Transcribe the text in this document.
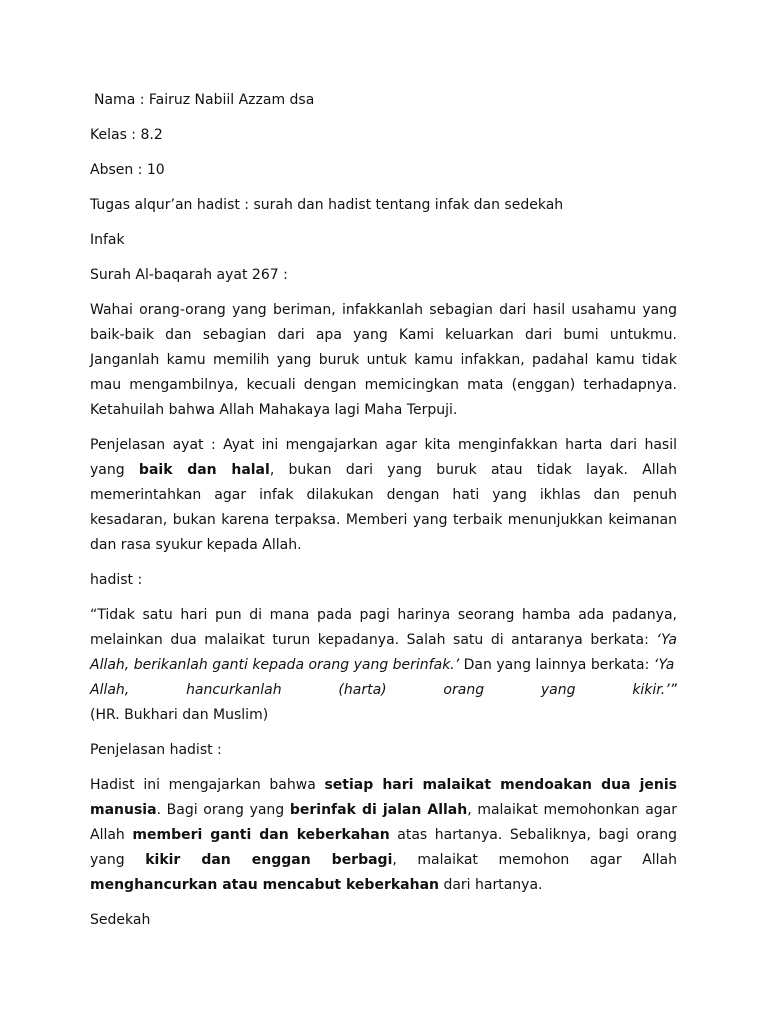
Nama : Fairuz Nabiil Azzam dsa
Kelas : 8.2
Absen : 10
Tugas alqur’an hadist : surah dan hadist tentang infak dan sedekah
Infak
Surah Al-baqarah ayat 267 :
Wahai orang-orang yang beriman, infakkanlah sebagian dari hasil usahamu yang baik-baik dan sebagian dari apa yang Kami keluarkan dari bumi untukmu. Janganlah kamu memilih yang buruk untuk kamu infakkan, padahal kamu tidak mau mengambilnya, kecuali dengan memicingkan mata (enggan) terhadapnya. Ketahuilah bahwa Allah Mahakaya lagi Maha Terpuji.
Penjelasan ayat : Ayat ini mengajarkan agar kita menginfakkan harta dari hasil yang baik dan halal, bukan dari yang buruk atau tidak layak. Allah memerintahkan agar infak dilakukan dengan hati yang ikhlas dan penuh kesadaran, bukan karena terpaksa. Memberi yang terbaik menunjukkan keimanan dan rasa syukur kepada Allah.
hadist :
“Tidak satu hari pun di mana pada pagi harinya seorang hamba ada padanya, melainkan dua malaikat turun kepadanya. Salah satu di antaranya berkata: ‘Ya Allah, berikanlah ganti kepada orang yang berinfak.’ Dan yang lainnya berkata: ‘Ya
Allah,	hancurkanlah	(harta)	orang	yang	kikir.’”
(HR. Bukhari dan Muslim)
Penjelasan hadist :
Hadist ini mengajarkan bahwa setiap hari malaikat mendoakan dua jenis manusia. Bagi orang yang berinfak di jalan Allah, malaikat memohonkan agar Allah memberi ganti dan keberkahan atas hartanya. Sebaliknya, bagi orang yang kikir dan enggan berbagi, malaikat memohon agar Allah menghancurkan atau mencabut keberkahan dari hartanya.
Sedekah
